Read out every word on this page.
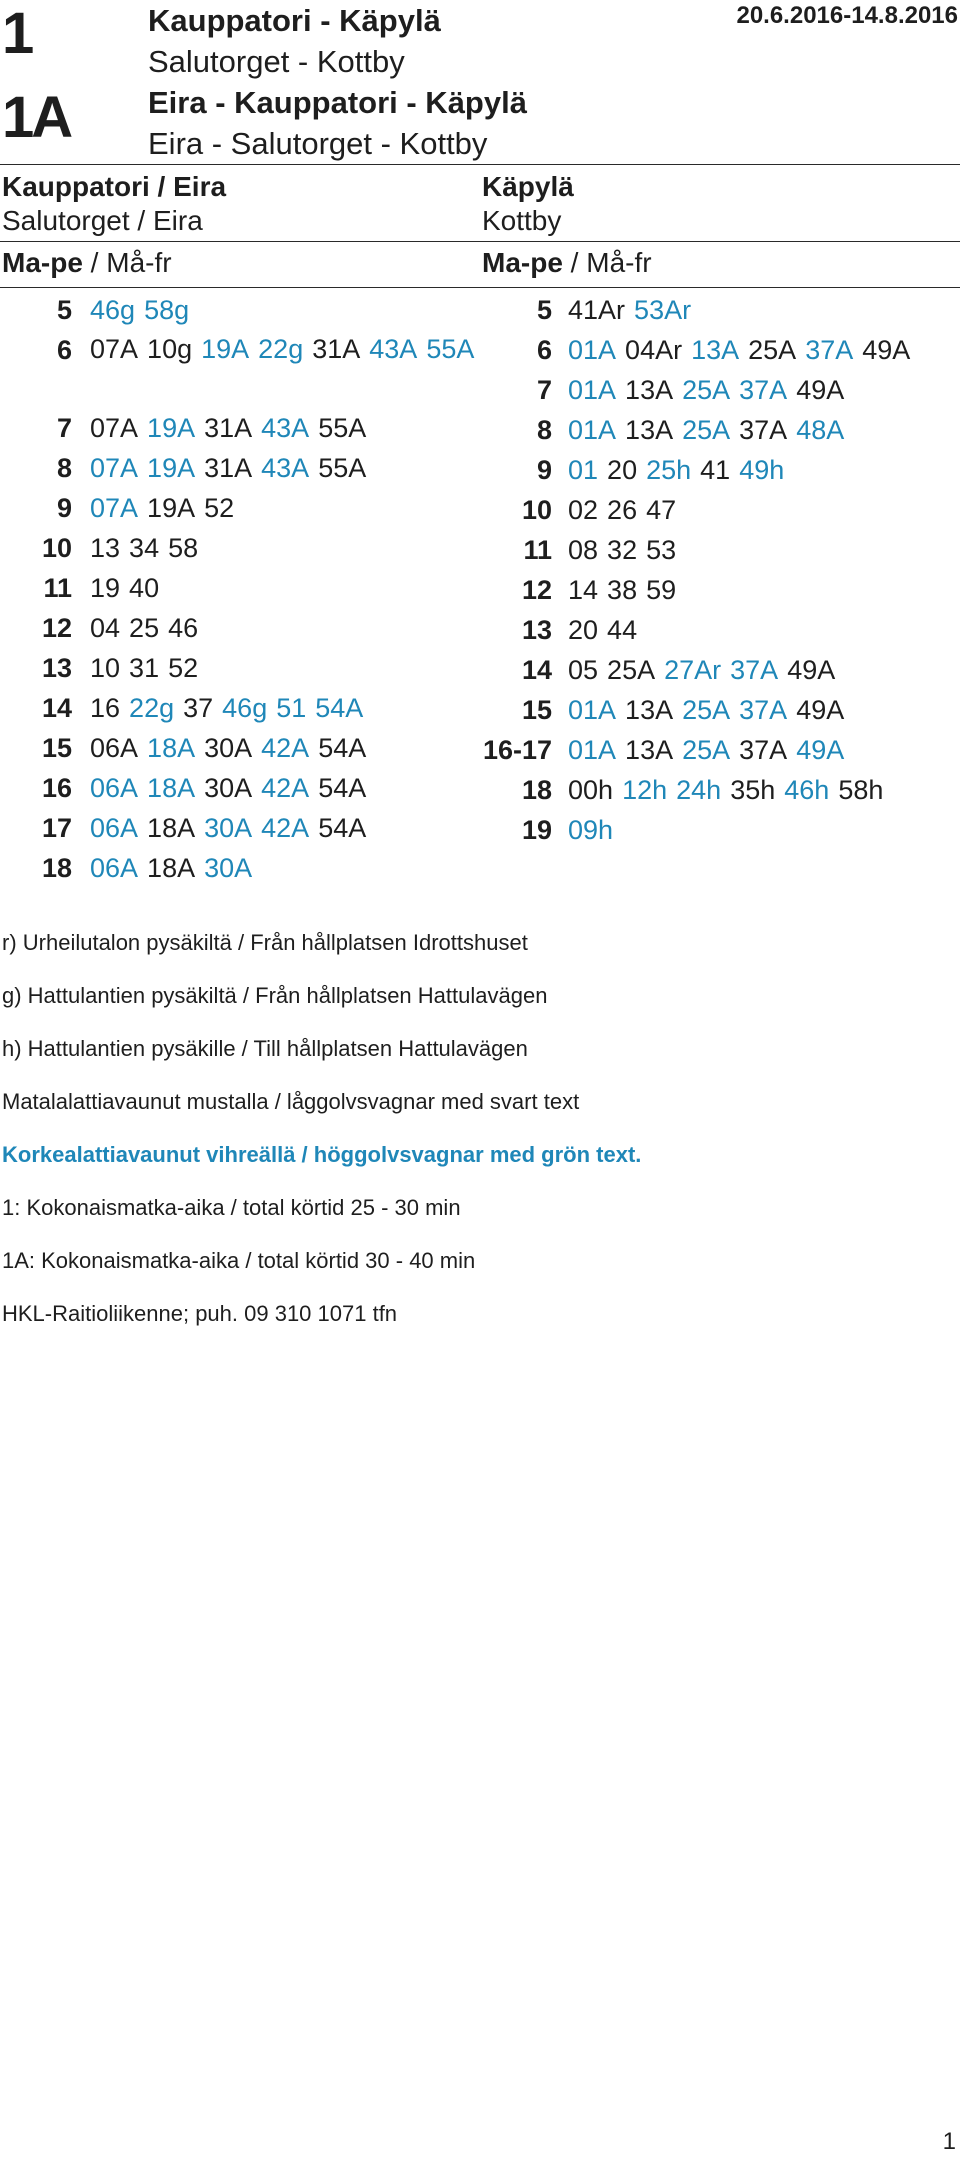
1
1A
Kauppatori - Käpylä
Salutorget - Kottby
Eira - Kauppatori - Käpylä
Eira - Salutorget - Kottby
20.6.2016-14.8.2016
Kauppatori / Eira
Salutorget / Eira
Käpylä
Kottby
Ma-pe / Må-fr	Ma-pe / Må-fr
5 46g 58g
6 07A 10g 19A 22g 31A 43A 55A
7 07A 19A 31A 43A 55A
8 07A 19A 31A 43A 55A
9 07A 19A 52
10 13 34 58
11 19 40
12 04 25 46
13 10 31 52
14 16 22g 37 46g 51 54A
15 06A 18A 30A 42A 54A
16 06A 18A 30A 42A 54A
17 06A 18A 30A 42A 54A
18 06A 18A 30A
5 41Ar 53Ar
6 01A 04Ar 13A 25A 37A 49A
7 01A 13A 25A 37A 49A
8 01A 13A 25A 37A 48A
9 01 20 25h 41 49h
10 02 26 47
11 08 32 53
12 14 38 59
13 20 44
14 05 25A 27Ar 37A 49A
15 01A 13A 25A 37A 49A
16-17 01A 13A 25A 37A 49A
18 00h 12h 24h 35h 46h 58h
19 09h
r) Urheilutalon pysäkiltä / Från hållplatsen Idrottshuset
g) Hattulantien pysäkiltä / Från hållplatsen Hattulavägen
h) Hattulantien pysäkille / Till hållplatsen Hattulavägen
Matalalattiavaunut mustalla / låggolvsvagnar med svart text
Korkealattiavaunut vihreällä / höggolvsvagnar med grön text.
1: Kokonaismatka-aika / total körtid 25 - 30 min
1A: Kokonaismatka-aika / total körtid 30 - 40 min
HKL-Raitioliikenne; puh. 09 310 1071 tfn
1
